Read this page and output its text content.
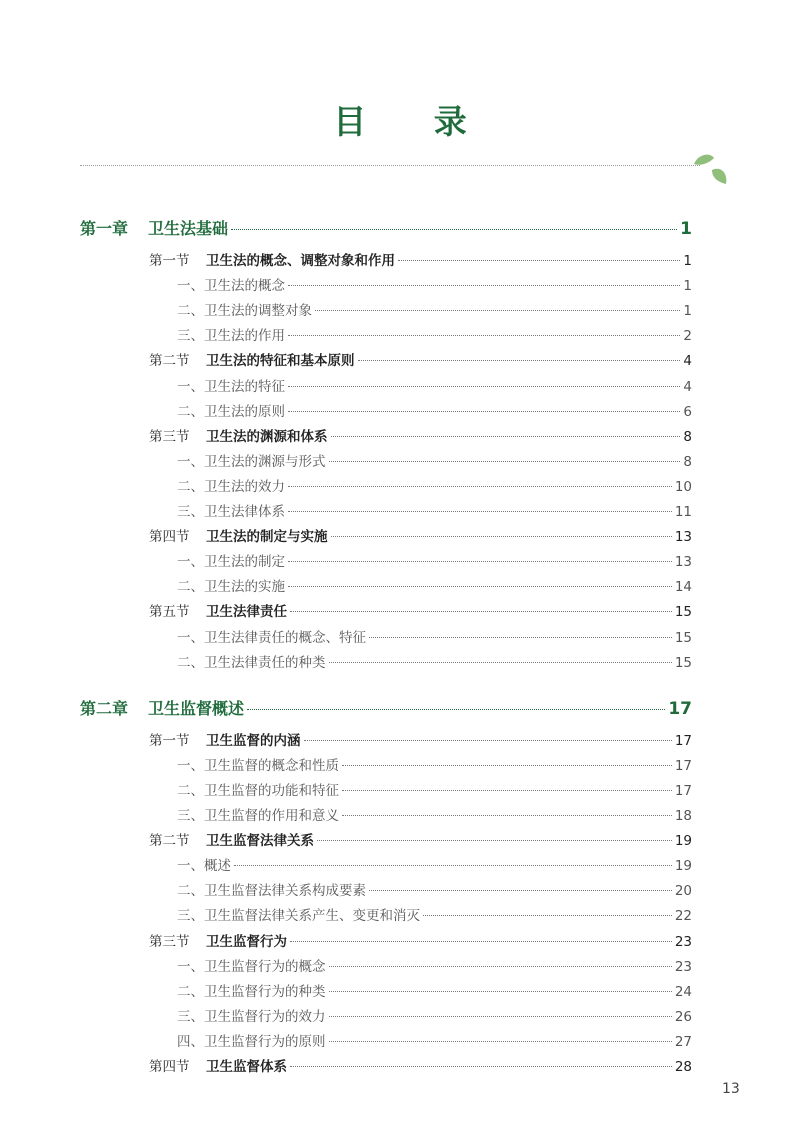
目 录
第一章 卫生法基础	1
第一节 卫生法的概念、调整对象和作用	1
一、卫生法的概念	1
二、卫生法的调整对象	1
三、卫生法的作用	2
第二节 卫生法的特征和基本原则	4
一、卫生法的特征	4
二、卫生法的原则	6
第三节 卫生法的渊源和体系	8
一、卫生法的渊源与形式	8
二、卫生法的效力	10
三、卫生法律体系	11
第四节 卫生法的制定与实施	13
一、卫生法的制定	13
二、卫生法的实施	14
第五节 卫生法律责任	15
一、卫生法律责任的概念、特征	15
二、卫生法律责任的种类	15
第二章 卫生监督概述	17
第一节 卫生监督的内涵	17
一、卫生监督的概念和性质	17
二、卫生监督的功能和特征	17
三、卫生监督的作用和意义	18
第二节 卫生监督法律关系	19
一、概述	19
二、卫生监督法律关系构成要素	20
三、卫生监督法律关系产生、变更和消灭	22
第三节 卫生监督行为	23
一、卫生监督行为的概念	23
二、卫生监督行为的种类	24
三、卫生监督行为的效力	26
四、卫生监督行为的原则	27
第四节 卫生监督体系	28
13
